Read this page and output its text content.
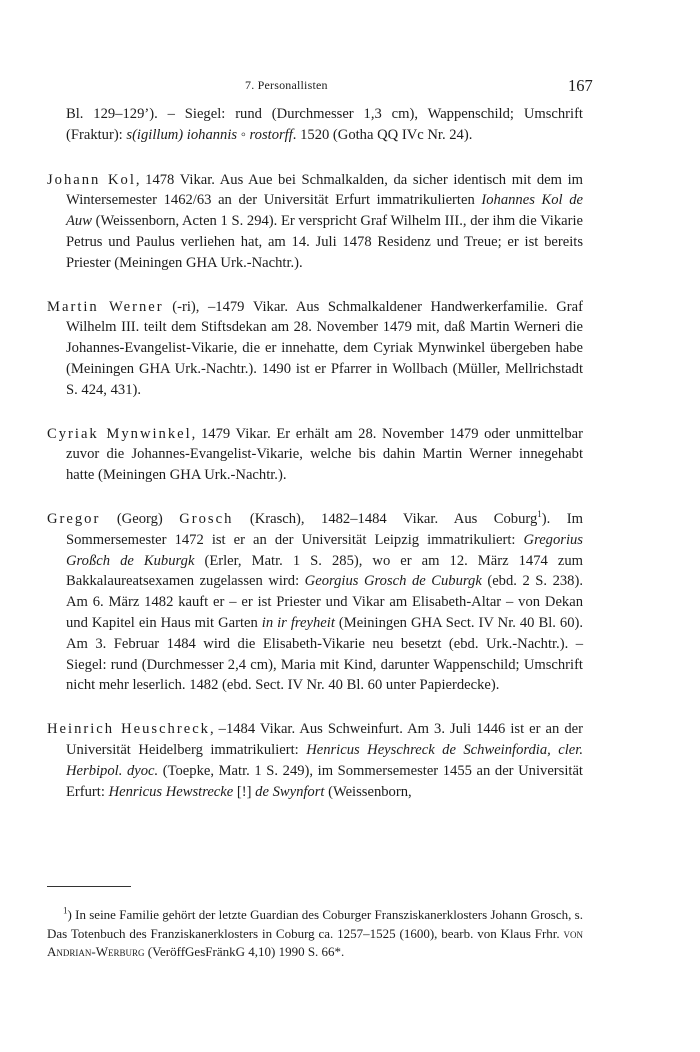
7. Personallisten	167

Bl. 129–129’). – Siegel: rund (Durchmesser 1,3 cm), Wappenschild; Umschrift (Fraktur): s(igillum) iohannis ◦ rostorff. 1520 (Gotha QQ IVc Nr. 24).

Johann Kol, 1478 Vikar. Aus Aue bei Schmalkalden, da sicher identisch mit dem im Wintersemester 1462/63 an der Universität Erfurt immatrikulierten Iohannes Kol de Auw (Weissenborn, Acten 1 S. 294). Er verspricht Graf Wilhelm III., der ihm die Vikarie Petrus und Paulus verliehen hat, am 14. Juli 1478 Residenz und Treue; er ist bereits Priester (Meiningen GHA Urk.-Nachtr.).

Martin Werner (-ri), –1479 Vikar. Aus Schmalkaldener Handwerkerfamilie. Graf Wilhelm III. teilt dem Stiftsdekan am 28. November 1479 mit, daß Martin Werneri die Johannes-Evangelist-Vikarie, die er innehatte, dem Cyriak Mynwinkel übergeben habe (Meiningen GHA Urk.-Nachtr.). 1490 ist er Pfarrer in Wollbach (Müller, Mellrichstadt S. 424, 431).

Cyriak Mynwinkel, 1479 Vikar. Er erhält am 28. November 1479 oder unmittelbar zuvor die Johannes-Evangelist-Vikarie, welche bis dahin Martin Werner innegehabt hatte (Meiningen GHA Urk.-Nachtr.).

Gregor (Georg) Grosch (Krasch), 1482–1484 Vikar. Aus Coburg$^1$). Im Sommersemester 1472 ist er an der Universität Leipzig immatrikuliert: Gregorius Großch de Kuburgk (Erler, Matr. 1 S. 285), wo er am 12. März 1474 zum Bakkalaureatsexamen zugelassen wird: Georgius Grosch de Cuburgk (ebd. 2 S. 238). Am 6. März 1482 kauft er – er ist Priester und Vikar am Elisabeth-Altar – von Dekan und Kapitel ein Haus mit Garten in ir freyheit (Meiningen GHA Sect. IV Nr. 40 Bl. 60). Am 3. Februar 1484 wird die Elisabeth-Vikarie neu besetzt (ebd. Urk.-Nachtr.). – Siegel: rund (Durchmesser 2,4 cm), Maria mit Kind, darunter Wappenschild; Umschrift nicht mehr leserlich. 1482 (ebd. Sect. IV Nr. 40 Bl. 60 unter Papierdecke).

Heinrich Heuschreck, –1484 Vikar. Aus Schweinfurt. Am 3. Juli 1446 ist er an der Universität Heidelberg immatrikuliert: Henricus Heyschreck de Schweinfordia, cler. Herbipol. dyoc. (Toepke, Matr. 1 S. 249), im Sommersemester 1455 an der Universität Erfurt: Henricus Hewstrecke [!] de Swynfort (Weissenborn,

$^1$) In seine Familie gehört der letzte Guardian des Coburger Fransziskanerklosters Johann Grosch, s. Das Totenbuch des Franziskanerklosters in Coburg ca. 1257–1525 (1600), bearb. von Klaus Frhr. von Andrian-Werburg (VeröffGesFränkG 4,10) 1990 S. 66*.
